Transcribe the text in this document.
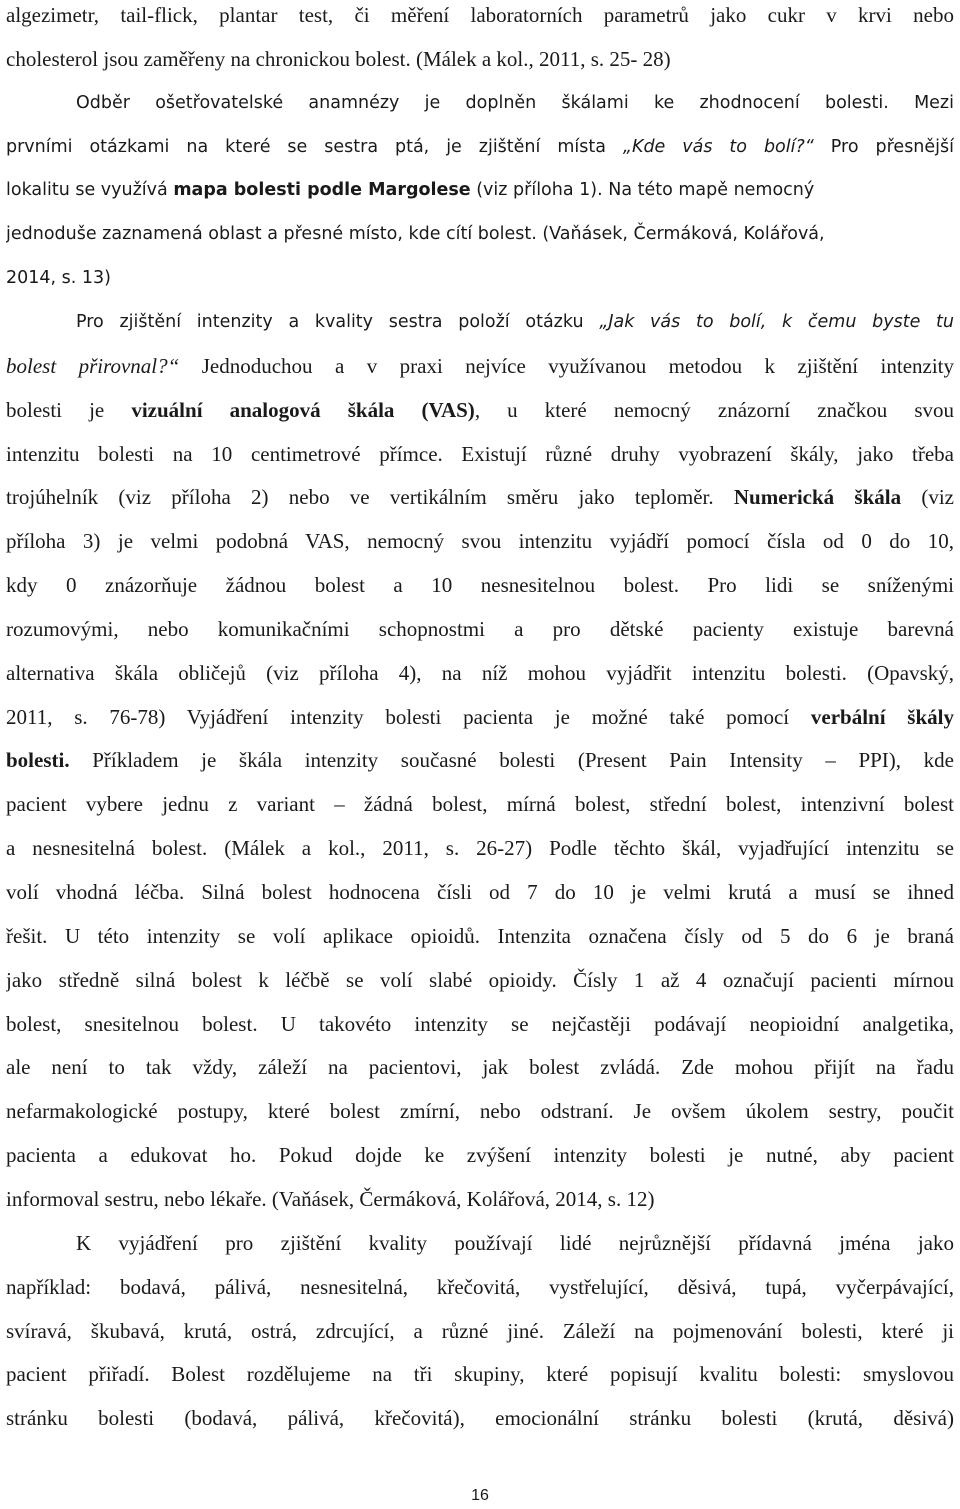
algezimetr, tail-flick, plantar test, či měření laboratorních parametrů jako cukr v krvi nebo
cholesterol jsou zaměřeny na chronickou bolest. (Málek a kol., 2011, s. 25- 28)
Odběr ošetřovatelské anamnézy je doplněn škálami ke zhodnocení bolesti. Mezi
prvními otázkami na které se sestra ptá, je zjištění místa „Kde vás to bolí?“ Pro přesnější
lokalitu se využívá mapa bolesti podle Margolese (viz příloha 1). Na této mapě nemocný
jednoduše zaznamená oblast a přesné místo, kde cítí bolest. (Vaňásek, Čermáková, Kolářová,
2014, s. 13)
Pro zjištění intenzity a kvality sestra položí otázku „Jak vás to bolí, k čemu byste tu
bolest přirovnal?“ Jednoduchou a v praxi nejvíce využívanou metodou k zjištění intenzity
bolesti je vizuální analogová škála (VAS), u které nemocný znázorní značkou svou
intenzitu bolesti na 10 centimetrové přímce. Existují různé druhy vyobrazení škály, jako třeba
trojúhelník (viz příloha 2) nebo ve vertikálním směru jako teploměr. Numerická škála (viz
příloha 3) je velmi podobná VAS, nemocný svou intenzitu vyjádří pomocí čísla od 0 do 10,
kdy 0 znázorňuje žádnou bolest a 10 nesnesitelnou bolest. Pro lidi se sníženými
rozumovými, nebo komunikačními schopnostmi a pro dětské pacienty existuje barevná
alternativa škála obličejů (viz příloha 4), na níž mohou vyjádřit intenzitu bolesti. (Opavský,
2011, s. 76-78) Vyjádření intenzity bolesti pacienta je možné také pomocí verbální škály
bolesti. Příkladem je škála intenzity současné bolesti (Present Pain Intensity – PPI), kde
pacient vybere jednu z variant – žádná bolest, mírná bolest, střední bolest, intenzivní bolest
a nesnesitelná bolest. (Málek a kol., 2011, s. 26-27) Podle těchto škál, vyjadřující intenzitu se
volí vhodná léčba. Silná bolest hodnocena čísli od 7 do 10 je velmi krutá a musí se ihned
řešit. U této intenzity se volí aplikace opioidů. Intenzita označena čísly od 5 do 6 je braná
jako středně silná bolest k léčbě se volí slabé opioidy. Čísly 1 až 4 označují pacienti mírnou
bolest, snesitelnou bolest. U takovéto intenzity se nejčastěji podávají neopioidní analgetika,
ale není to tak vždy, záleží na pacientovi, jak bolest zvládá. Zde mohou přijít na řadu
nefarmakologické postupy, které bolest zmírní, nebo odstraní. Je ovšem úkolem sestry, poučit
pacienta a edukovat ho. Pokud dojde ke zvýšení intenzity bolesti je nutné, aby pacient
informoval sestru, nebo lékaře. (Vaňásek, Čermáková, Kolářová, 2014, s. 12)
K vyjádření pro zjištění kvality používají lidé nejrůznější přídavná jména jako
například: bodavá, pálivá, nesnesitelná, křečovitá, vystřelující, děsivá, tupá, vyčerpávající,
svíravá, škubavá, krutá, ostrá, zdrcující, a různé jiné. Záleží na pojmenování bolesti, které ji
pacient přiřadí. Bolest rozdělujeme na tři skupiny, které popisují kvalitu bolesti: smyslovou
stránku bolesti (bodavá, pálivá, křečovitá), emocionální stránku bolesti (krutá, děsivá)
16
